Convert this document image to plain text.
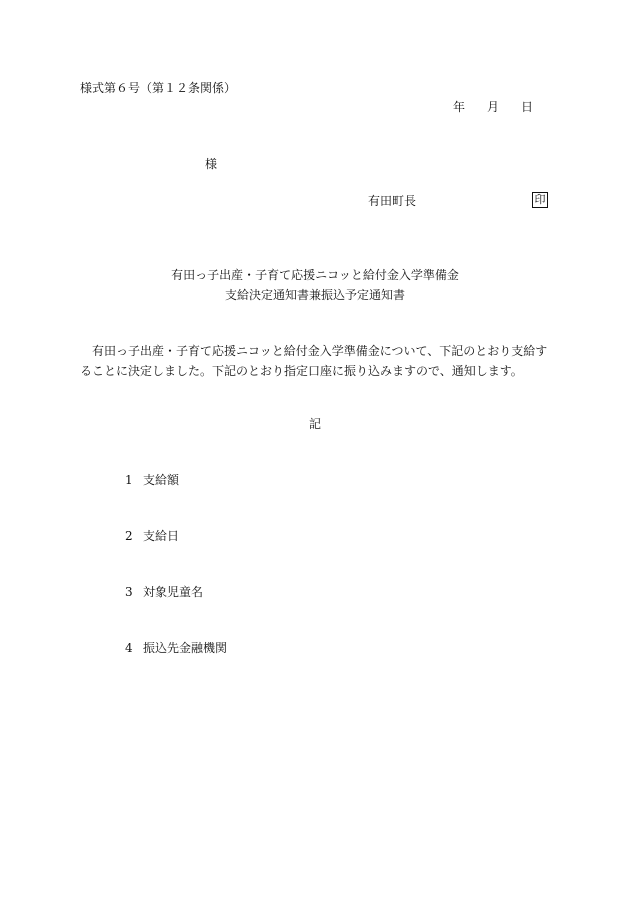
様式第６号（第１２条関係）
年 月 日
様
有田町長	印
有田っ子出産・子育て応援ニコッと給付金入学準備金
支給決定通知書兼振込予定通知書
有田っ子出産・子育て応援ニコッと給付金入学準備金について、下記のとおり支給することに決定しました。下記のとおり指定口座に振り込みますので、通知します。
記
1 支給額
2 支給日
3 対象児童名
4 振込先金融機関
